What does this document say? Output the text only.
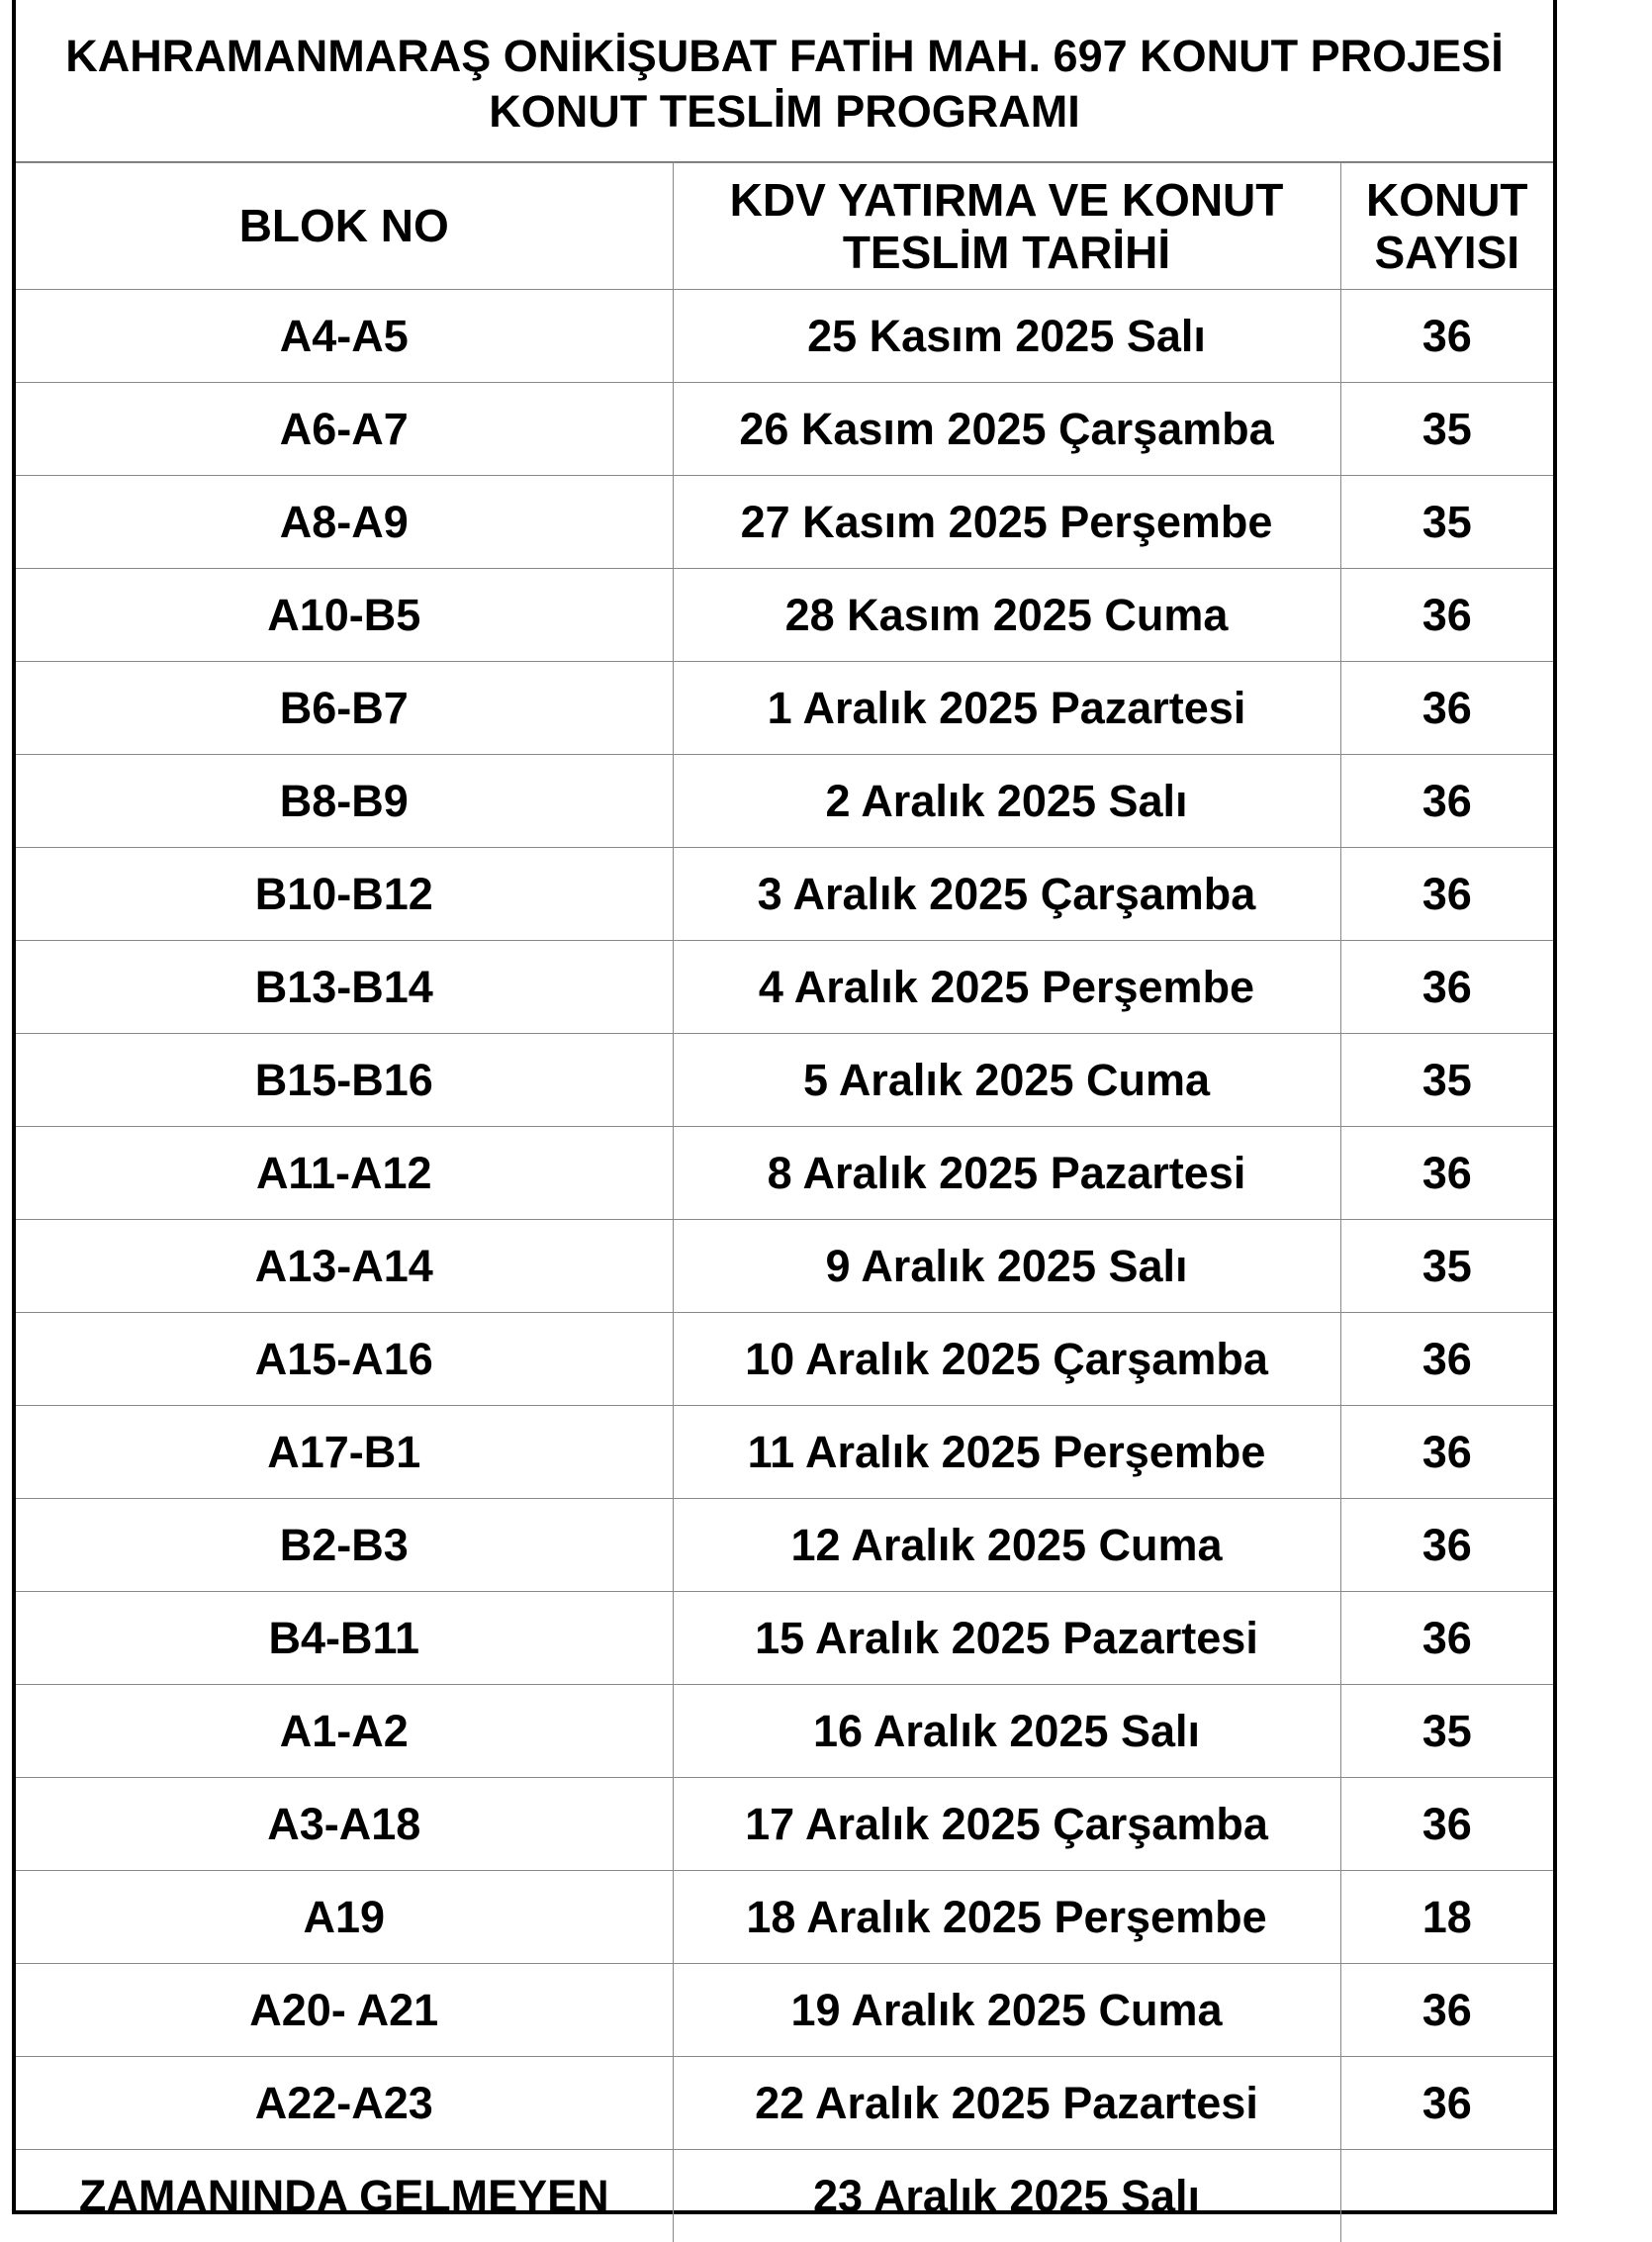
KAHRAMANMARAŞ ONİKİŞUBAT FATİH MAH. 697 KONUT PROJESİ KONUT TESLİM PROGRAMI
BLOK NO	KDV YATIRMA VE KONUT TESLİM TARİHİ	KONUT SAYISI
A4-A5	25 Kasım 2025 Salı	36
A6-A7	26 Kasım 2025 Çarşamba	35
A8-A9	27 Kasım 2025 Perşembe	35
A10-B5	28 Kasım 2025 Cuma	36
B6-B7	1 Aralık 2025 Pazartesi	36
B8-B9	2 Aralık 2025 Salı	36
B10-B12	3 Aralık 2025 Çarşamba	36
B13-B14	4 Aralık 2025 Perşembe	36
B15-B16	5 Aralık 2025 Cuma	35
A11-A12	8 Aralık 2025 Pazartesi	36
A13-A14	9 Aralık 2025 Salı	35
A15-A16	10 Aralık 2025 Çarşamba	36
A17-B1	11 Aralık 2025 Perşembe	36
B2-B3	12 Aralık 2025 Cuma	36
B4-B11	15 Aralık 2025 Pazartesi	36
A1-A2	16 Aralık 2025 Salı	35
A3-A18	17 Aralık 2025 Çarşamba	36
A19	18 Aralık 2025 Perşembe	18
A20- A21	19 Aralık 2025 Cuma	36
A22-A23	22 Aralık 2025 Pazartesi	36
ZAMANINDA GELMEYEN	23 Aralık 2025 Salı	
